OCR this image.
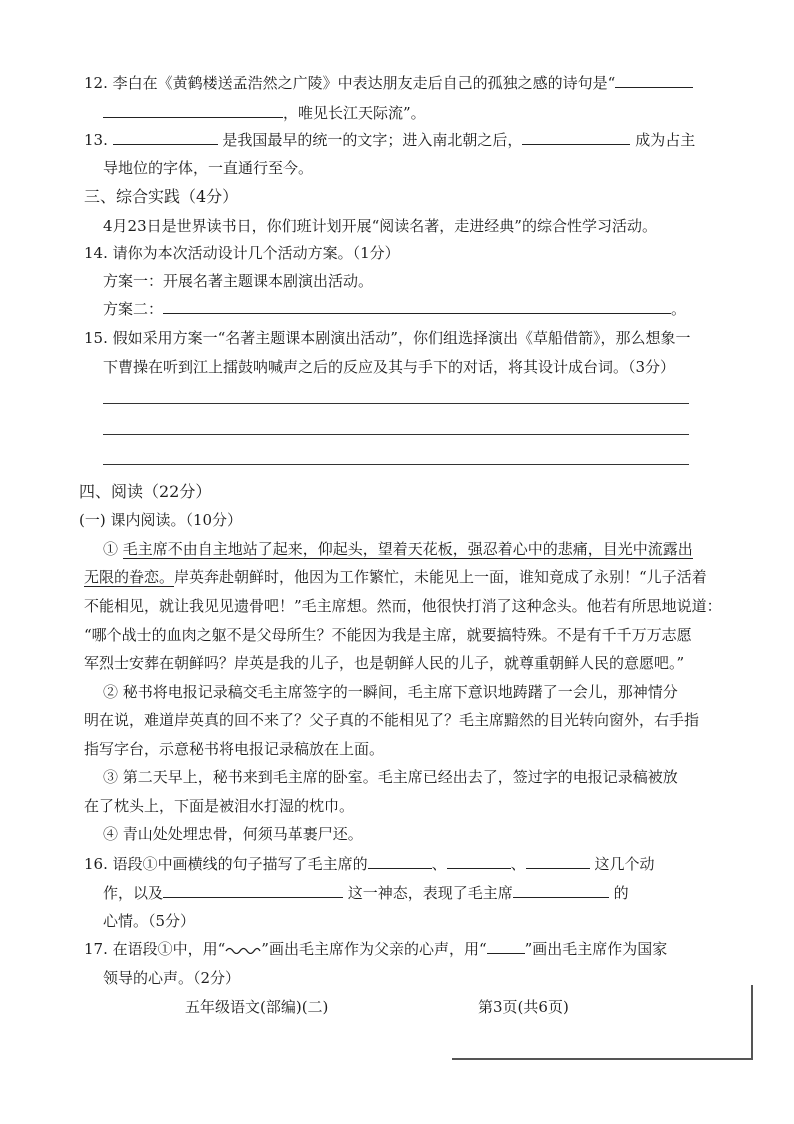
12. 李白在《黄鹤楼送孟浩然之广陵》中表达朋友走后自己的孤独之感的诗句是“
，唯见长江天际流”。
13.	是我国最早的统一的文字；进入南北朝之后，	成为占主
导地位的字体，一直通行至今。
三、综合实践（4分）
4月23日是世界读书日，你们班计划开展“阅读名著，走进经典”的综合性学习活动。
14. 请你为本次活动设计几个活动方案。（1分）
方案一：开展名著主题课本剧演出活动。
方案二：	。
15. 假如采用方案一“名著主题课本剧演出活动”，你们组选择演出《草船借箭》，那么想象一
下曹操在听到江上擂鼓呐喊声之后的反应及其与手下的对话，将其设计成台词。（3分）
四、阅读（22分）
(一) 课内阅读。（10分）
① 毛主席不由自主地站了起来，仰起头，望着天花板，强忍着心中的悲痛，目光中流露出
无限的眷恋。岸英奔赴朝鲜时，他因为工作繁忙，未能见上一面，谁知竟成了永别！“儿子活着
不能相见，就让我见见遗骨吧！”毛主席想。然而，他很快打消了这种念头。他若有所思地说道：
“哪个战士的血肉之躯不是父母所生？不能因为我是主席，就要搞特殊。不是有千千万万志愿
军烈士安葬在朝鲜吗？岸英是我的儿子，也是朝鲜人民的儿子，就尊重朝鲜人民的意愿吧。”
② 秘书将电报记录稿交毛主席签字的一瞬间，毛主席下意识地踌躇了一会儿，那神情分
明在说，难道岸英真的回不来了？父子真的不能相见了？毛主席黯然的目光转向窗外，右手指
指写字台，示意秘书将电报记录稿放在上面。
③ 第二天早上，秘书来到毛主席的卧室。毛主席已经出去了，签过字的电报记录稿被放
在了枕头上，下面是被泪水打湿的枕巾。
④ 青山处处埋忠骨，何须马革裹尸还。
16. 语段①中画横线的句子描写了毛主席的	、	、	这几个动
作，以及	这一神态，表现了毛主席	的
心情。（5分）
17. 在语段①中，用“ ”画出毛主席作为父亲的心声，用“	”画出毛主席作为国家
领导的心声。（2分）
五年级语文(部编)(二)	第3页(共6页)
